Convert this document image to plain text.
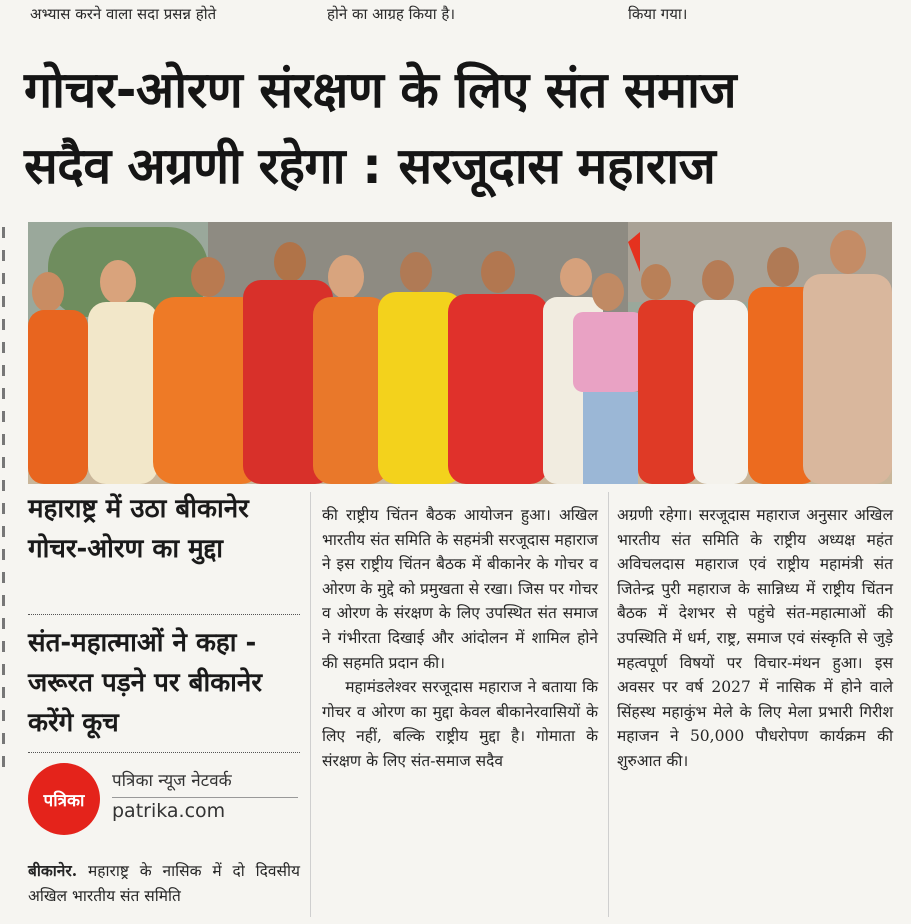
अभ्यास करने वाला सदा प्रसन्न होते	होने का आग्रह किया है।	किया गया।
गोचर-ओरण संरक्षण के लिए संत समाज
सदैव अग्रणी रहेगा : सरजूदास महाराज
महाराष्ट्र में उठा बीकानेर गोचर-ओरण का मुद्दा
संत-महात्माओं ने कहा - जरूरत पड़ने पर बीकानेर करेंगे कूच
पत्रिका
पत्रिका न्यूज नेटवर्क
patrika.com

बीकानेर. महाराष्ट्र के नासिक में दो दिवसीय अखिल भारतीय संत समिति

की राष्ट्रीय चिंतन बैठक आयोजन हुआ। अखिल भारतीय संत समिति के सहमंत्री सरजूदास महाराज ने इस राष्ट्रीय चिंतन बैठक में बीकानेर के गोचर व ओरण के मुद्दे को प्रमुखता से रखा। जिस पर गोचर व ओरण के संरक्षण के लिए उपस्थित संत समाज ने गंभीरता दिखाई और आंदोलन में शामिल होने की सहमति प्रदान की।

महामंडलेश्वर सरजूदास महाराज ने बताया कि गोचर व ओरण का मुद्दा केवल बीकानेरवासियों के लिए नहीं, बल्कि राष्ट्रीय मुद्दा है। गोमाता के संरक्षण के लिए संत-समाज सदैव

अग्रणी रहेगा। सरजूदास महाराज अनुसार अखिल भारतीय संत समिति के राष्ट्रीय अध्यक्ष महंत अविचलदास महाराज एवं राष्ट्रीय महामंत्री संत जितेन्द्र पुरी महाराज के सान्निध्य में राष्ट्रीय चिंतन बैठक में देशभर से पहुंचे संत-महात्माओं की उपस्थिति में धर्म, राष्ट्र, समाज एवं संस्कृति से जुड़े महत्वपूर्ण विषयों पर विचार-मंथन हुआ। इस अवसर पर वर्ष 2027 में नासिक में होने वाले सिंहस्थ महाकुंभ मेले के लिए मेला प्रभारी गिरीश महाजन ने 50,000 पौधरोपण कार्यक्रम की शुरुआत की।
